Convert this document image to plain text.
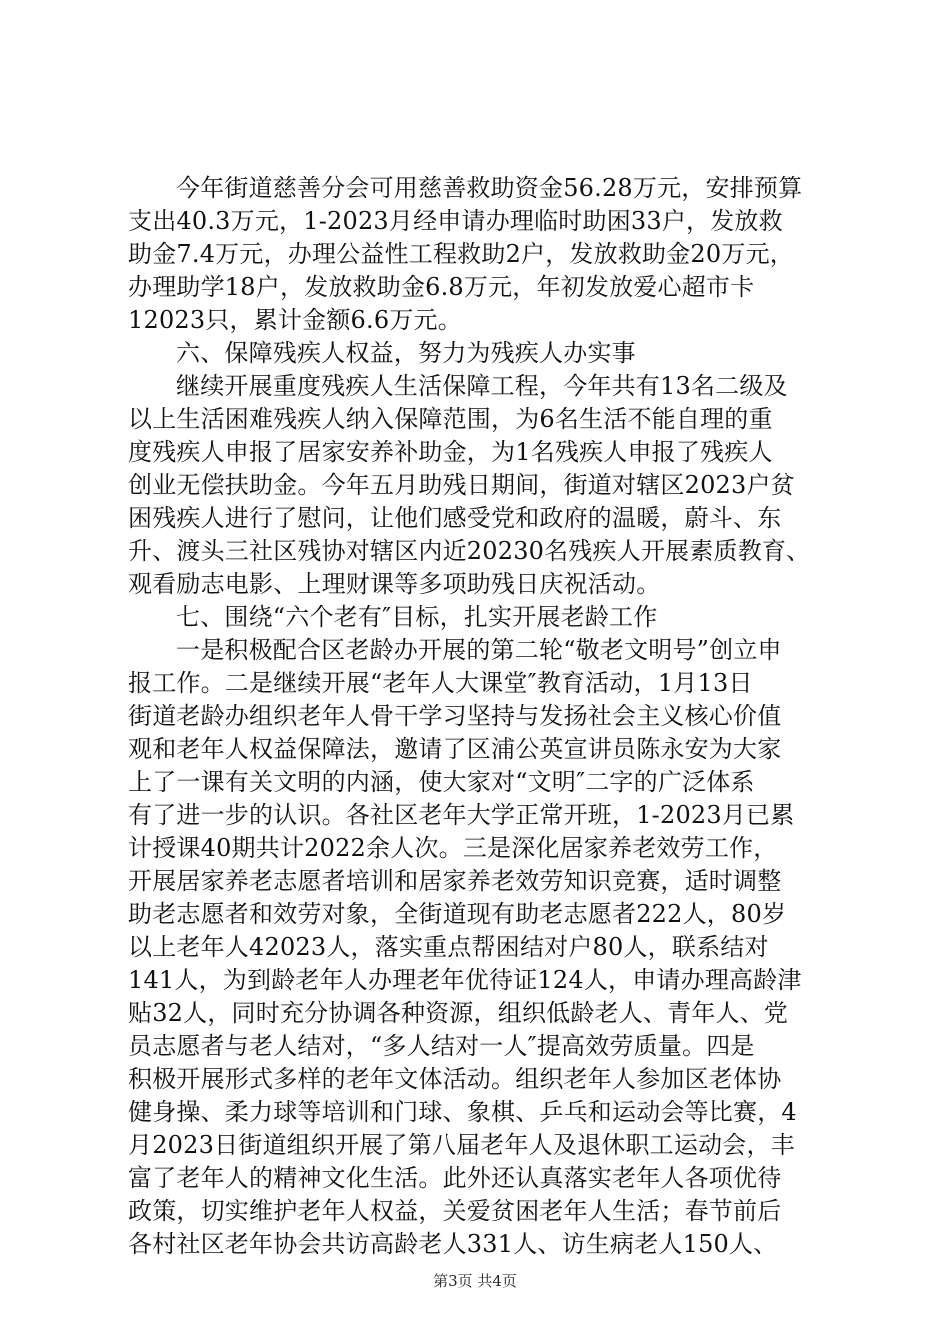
今年街道慈善分会可用慈善救助资金56.28万元，安排预算
支出40.3万元，1-2023月经申请办理临时助困33户，发放救
助金7.4万元，办理公益性工程救助2户，发放救助金20万元，
办理助学18户，发放救助金6.8万元，年初发放爱心超市卡
12023只，累计金额6.6万元。
六、保障残疾人权益，努力为残疾人办实事
继续开展重度残疾人生活保障工程，今年共有13名二级及
以上生活困难残疾人纳入保障范围，为6名生活不能自理的重
度残疾人申报了居家安养补助金，为1名残疾人申报了残疾人
创业无偿扶助金。今年五月助残日期间，街道对辖区2023户贫
困残疾人进行了慰问，让他们感受党和政府的温暖，蔚斗、东
升、渡头三社区残协对辖区内近20230名残疾人开展素质教育、
观看励志电影、上理财课等多项助残日庆祝活动。
七、围绕“六个老有″目标，扎实开展老龄工作
一是积极配合区老龄办开展的第二轮“敬老文明号”创立申
报工作。二是继续开展“老年人大课堂″教育活动，1月13日
街道老龄办组织老年人骨干学习坚持与发扬社会主义核心价值
观和老年人权益保障法，邀请了区浦公英宣讲员陈永安为大家
上了一课有关文明的内涵，使大家对“文明″二字的广泛体系
有了进一步的认识。各社区老年大学正常开班，1-2023月已累
计授课40期共计2022余人次。三是深化居家养老效劳工作，
开展居家养老志愿者培训和居家养老效劳知识竞赛，适时调整
助老志愿者和效劳对象，全街道现有助老志愿者222人，80岁
以上老年人42023人，落实重点帮困结对户80人，联系结对
141人，为到龄老年人办理老年优待证124人，申请办理高龄津
贴32人，同时充分协调各种资源，组织低龄老人、青年人、党
员志愿者与老人结对，“多人结对一人″提高效劳质量。四是
积极开展形式多样的老年文体活动。组织老年人参加区老体协
健身操、柔力球等培训和门球、象棋、乒乓和运动会等比赛，4
月2023日街道组织开展了第八届老年人及退休职工运动会，丰
富了老年人的精神文化生活。此外还认真落实老年人各项优待
政策，切实维护老年人权益，关爱贫困老年人生活；春节前后
各村社区老年协会共访高龄老人331人、访生病老人150人、
第3页 共4页
